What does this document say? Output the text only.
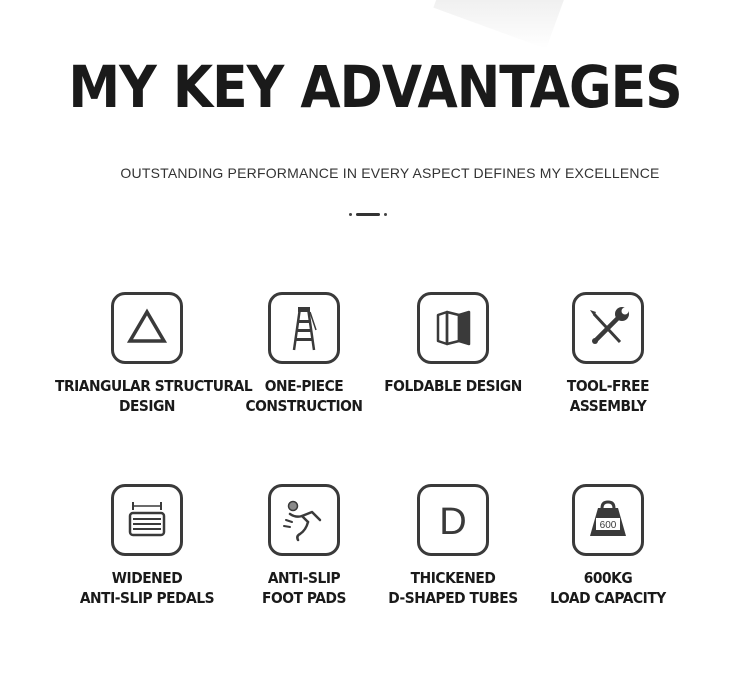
MY KEY ADVANTAGES
OUTSTANDING PERFORMANCE IN EVERY ASPECT DEFINES MY EXCELLENCE
TRIANGULAR STRUCTURAL
DESIGN
ONE-PIECE
CONSTRUCTION
FOLDABLE DESIGN	TOOL-FREE
ASSEMBLY
WIDENED
ANTI-SLIP PEDALS
ANTI-SLIP
FOOT PADS
D
THICKENED
D-SHAPED TUBES
600
600KG
LOAD CAPACITY
